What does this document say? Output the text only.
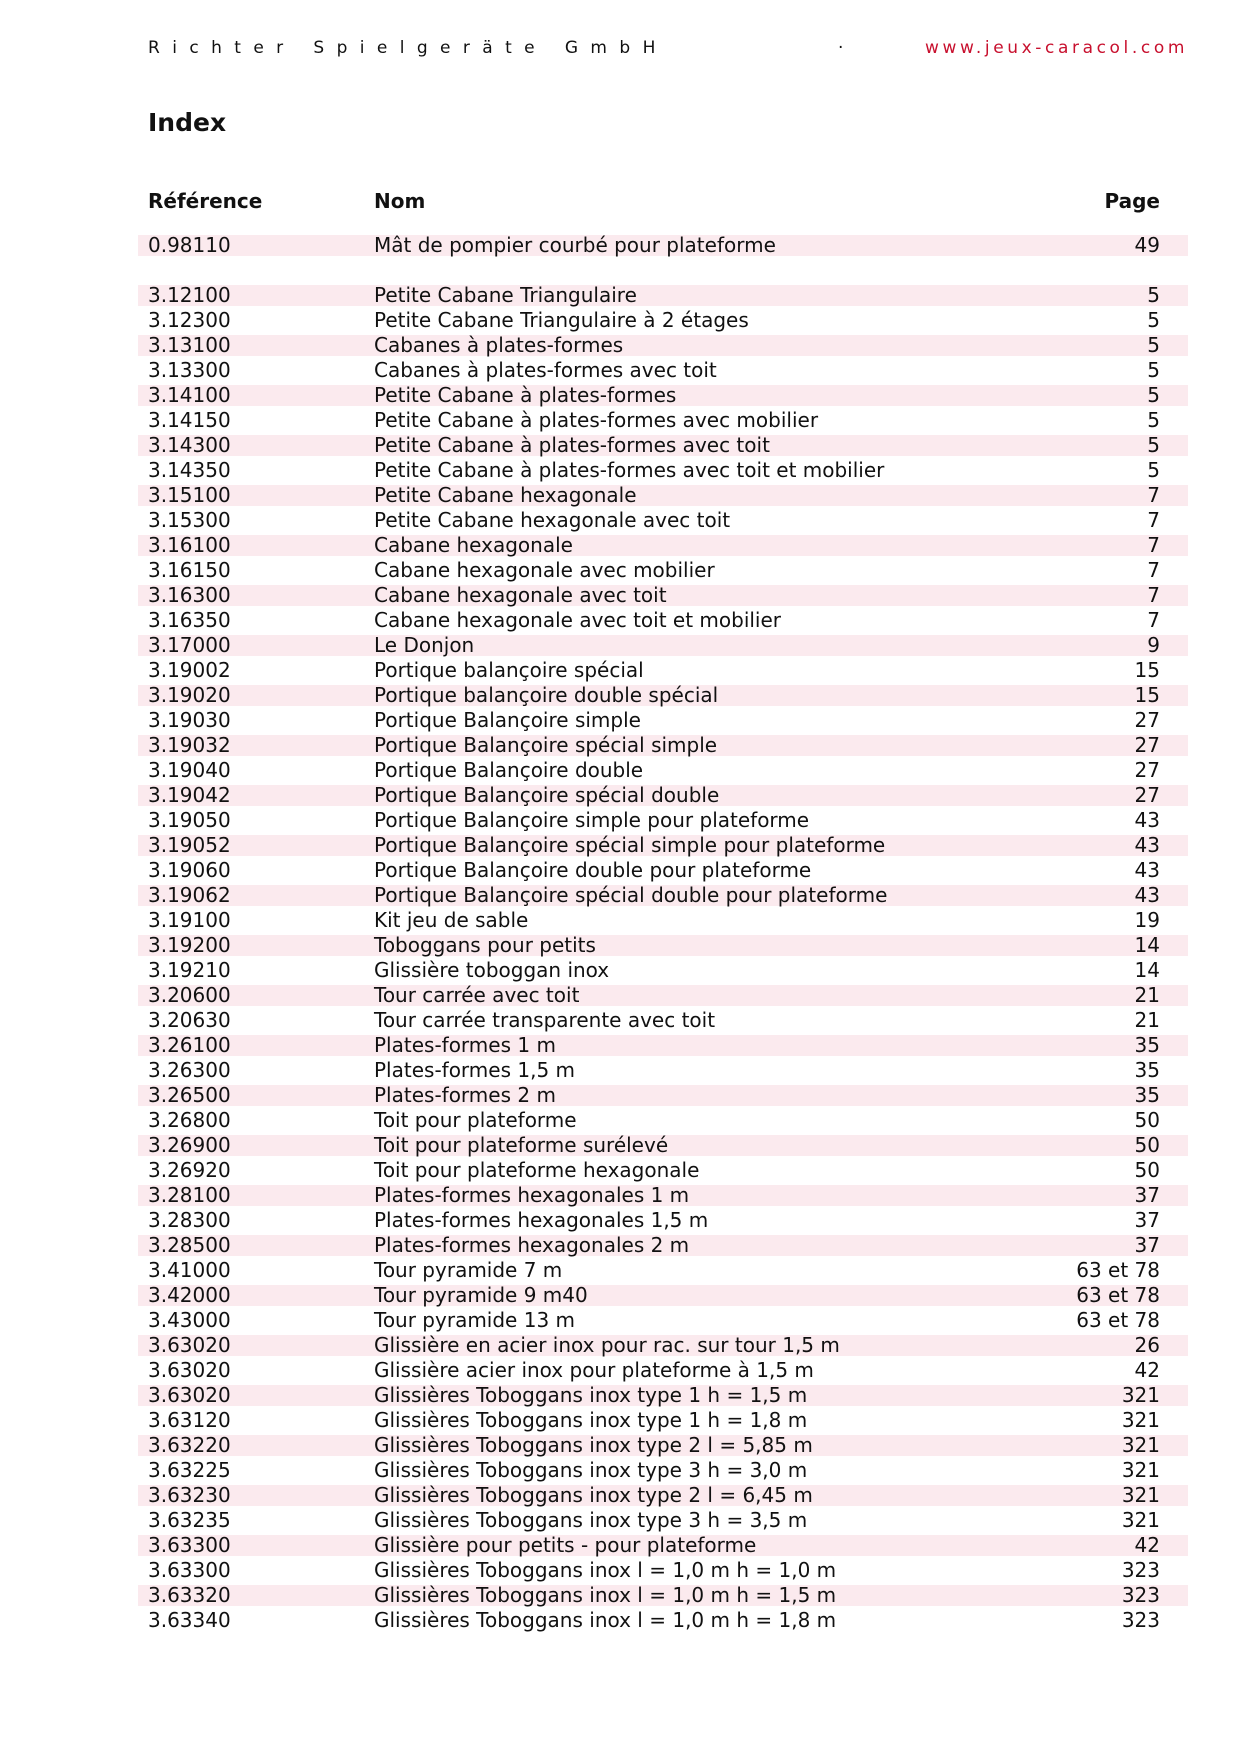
Richter Spielgeräte GmbH	·	www.jeux-caracol.com
Index
Référence	Nom	Page
0.98110	Mât de pompier courbé pour plateforme	49
3.12100	Petite Cabane Triangulaire	5
3.12300	Petite Cabane Triangulaire à 2 étages	5
3.13100	Cabanes à plates-formes	5
3.13300	Cabanes à plates-formes avec toit	5
3.14100	Petite Cabane à plates-formes	5
3.14150	Petite Cabane à plates-formes avec mobilier	5
3.14300	Petite Cabane à plates-formes avec toit	5
3.14350	Petite Cabane à plates-formes avec toit et mobilier	5
3.15100	Petite Cabane hexagonale	7
3.15300	Petite Cabane hexagonale avec toit	7
3.16100	Cabane hexagonale	7
3.16150	Cabane hexagonale avec mobilier	7
3.16300	Cabane hexagonale avec toit	7
3.16350	Cabane hexagonale avec toit et mobilier	7
3.17000	Le Donjon	9
3.19002	Portique balançoire spécial	15
3.19020	Portique balançoire double spécial	15
3.19030	Portique Balançoire simple	27
3.19032	Portique Balançoire spécial simple	27
3.19040	Portique Balançoire double	27
3.19042	Portique Balançoire spécial double	27
3.19050	Portique Balançoire simple pour plateforme	43
3.19052	Portique Balançoire spécial simple pour plateforme	43
3.19060	Portique Balançoire double pour plateforme	43
3.19062	Portique Balançoire spécial double pour plateforme	43
3.19100	Kit jeu de sable	19
3.19200	Toboggans pour petits	14
3.19210	Glissière toboggan inox	14
3.20600	Tour carrée avec toit	21
3.20630	Tour carrée transparente avec toit	21
3.26100	Plates-formes 1 m	35
3.26300	Plates-formes 1,5 m	35
3.26500	Plates-formes 2 m	35
3.26800	Toit pour plateforme	50
3.26900	Toit pour plateforme surélevé	50
3.26920	Toit pour plateforme hexagonale	50
3.28100	Plates-formes hexagonales 1 m	37
3.28300	Plates-formes hexagonales 1,5 m	37
3.28500	Plates-formes hexagonales 2 m	37
3.41000	Tour pyramide 7 m	63 et 78
3.42000	Tour pyramide 9 m40	63 et 78
3.43000	Tour pyramide 13 m	63 et 78
3.63020	Glissière en acier inox pour rac. sur tour 1,5 m	26
3.63020	Glissière acier inox pour plateforme à 1,5 m	42
3.63020	Glissières Toboggans inox type 1 h = 1,5 m	321
3.63120	Glissières Toboggans inox type 1 h = 1,8 m	321
3.63220	Glissières Toboggans inox type 2 l = 5,85 m	321
3.63225	Glissières Toboggans inox type 3 h = 3,0 m	321
3.63230	Glissières Toboggans inox type 2 l = 6,45 m	321
3.63235	Glissières Toboggans inox type 3 h = 3,5 m	321
3.63300	Glissière pour petits - pour plateforme	42
3.63300	Glissières Toboggans inox l = 1,0 m h = 1,0 m	323
3.63320	Glissières Toboggans inox l = 1,0 m h = 1,5 m	323
3.63340	Glissières Toboggans inox l = 1,0 m h = 1,8 m	323
